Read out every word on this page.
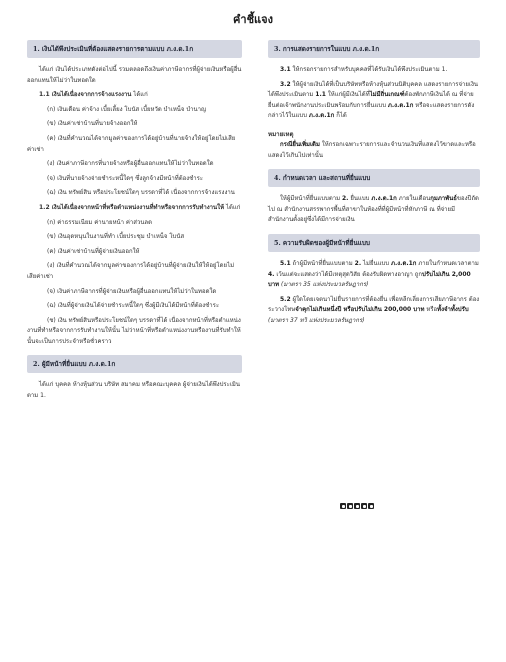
คำชี้แจง
1. เงินได้พึงประเมินที่ต้องแสดงรายการตามแบบ ภ.ง.ด.1ก

ได้แก่ เงินได้ประเภทดังต่อไปนี้ รวมตลอดถึงเงินค่าภาษีอากรที่ผู้จ่ายเงินหรือผู้อื่นออกแทนให้ไม่ว่าในทอดใด

1.1 เงินได้เนื่องจากการจ้างแรงงาน ได้แก่

(ก) เงินเดือน ค่าจ้าง เบี้ยเลี้ยง โบนัส เบี้ยหวัด บำเหน็จ บำนาญ

(ข) เงินค่าเช่าบ้านที่นายจ้างออกให้

(ค) เงินที่คำนวณได้จากมูลค่าของการได้อยู่บ้านที่นายจ้างให้อยู่โดยไม่เสียค่าเช่า

(ง) เงินค่าภาษีอากรที่นายจ้างหรือผู้อื่นออกแทนให้ไม่ว่าในทอดใด

(จ) เงินที่นายจ้างจ่ายชำระหนี้ใดๆ ซึ่งลูกจ้างมีหน้าที่ต้องชำระ

(ฉ) เงิน ทรัพย์สิน หรือประโยชน์ใดๆ บรรดาที่ได้ เนื่องจากการจ้างแรงงาน

1.2 เงินได้เนื่องจากหน้าที่หรือตำแหน่งงานที่ทำหรือจากการรับทำงานให้ ได้แก่

(ก) ค่าธรรมเนียม ค่านายหน้า ค่าส่วนลด

(ข) เงินอุดหนุนในงานที่ทำ เบี้ยประชุม บำเหน็จ โบนัส

(ค) เงินค่าเช่าบ้านที่ผู้จ่ายเงินออกให้

(ง) เงินที่คำนวณได้จากมูลค่าของการได้อยู่บ้านที่ผู้จ่ายเงินให้ให้อยู่โดยไม่เสียค่าเช่า

(จ) เงินค่าภาษีอากรที่ผู้จ่ายเงินหรือผู้อื่นออกแทนให้ไม่ว่าในทอดใด

(ฉ) เงินที่ผู้จ่ายเงินได้จ่ายชำระหนี้ใดๆ ซึ่งผู้มีเงินได้มีหน้าที่ต้องชำระ

(ช) เงิน ทรัพย์สินหรือประโยชน์ใดๆ บรรดาที่ได้ เนื่องจากหน้าที่หรือตำแหน่งงานที่ทำหรือจากการรับทำงานให้นั้น ไม่ว่าหน้าที่หรือตำแหน่งงานหรืองานที่รับทำให้นั้นจะเป็นการประจำหรือชั่วคราว

2. ผู้มีหน้าที่ยื่นแบบ ภ.ง.ด.1ก

ได้แก่ บุคคล ห้างหุ้นส่วน บริษัท สมาคม หรือคณะบุคคล ผู้จ่ายเงินได้พึงประเมินตาม 1.

3. การแสดงรายการในแบบ ภ.ง.ด.1ก

3.1 ให้กรอกรายการสำหรับบุคคลที่ได้รับเงินได้พึงประเมินตาม 1.

3.2 ให้ผู้จ่ายเงินได้ที่เป็นบริษัทหรือห้างหุ้นส่วนนิติบุคคล แสดงรายการจ่ายเงินได้พึงประเมินตาม 1.1 ให้แก่ผู้มีเงินได้ที่ไม่มีถิ่นเกณฑ์ต้องพักภาษีเงินได้ ณ ที่จ่าย ยื่นต่อเจ้าพนักงานประเมินพร้อมกับการยื่นแบบ ภ.ง.ด.1ก หรือจะแสดงรายการดังกล่าวไว้ในแบบ ภ.ง.ด.1ก ก็ได้

หมายเหตุ

กรณียื่นเพิ่มเติม ให้กรอกเฉพาะรายการและจำนวนเงินที่แสดงไว้ขาดและหรือแสดงไว้เกินไปเท่านั้น

4. กำหนดเวลา และสถานที่ยื่นแบบ

ให้ผู้มีหน้าที่ยื่นแบบตาม 2. ยื่นแบบ ภ.ง.ด.1ก ภายในเดือนกุมภาพันธ์ของปีถัดไป ณ สำนักงานสรรพากรพื้นที่สาขาในท้องที่ที่ผู้มีหน้าที่หักภาษี ณ ที่จ่ายมีสำนักงานตั้งอยู่ซึ่งได้มีการจ่ายเงิน

5. ความรับผิดของผู้มีหน้าที่ยื่นแบบ

5.1 ถ้าผู้มีหน้าที่ยื่นแบบตาม 2. ไม่ยื่นแบบ ภ.ง.ด.1ก ภายในกำหนดเวลาตาม 4. เว้นแต่จะแสดงว่าได้มีเหตุสุดวิสัย ต้องรับผิดทางอาญา ถูกปรับไม่เกิน 2,000 บาท (มาตรา 35 แห่งประมวลรัษฎากร)

5.2 ผู้ใดโดยเจตนาไม่ยื่นรายการที่ต้องยื่น เพื่อหลีกเลี่ยงการเสียภาษีอากร ต้องระวางโทษจำคุกไม่เกินหนึ่งปี หรือปรับไม่เกิน 200,000 บาท หรือทั้งจำทั้งปรับ (มาตรา 37 ทวิ แห่งประมวลรัษฎากร)
